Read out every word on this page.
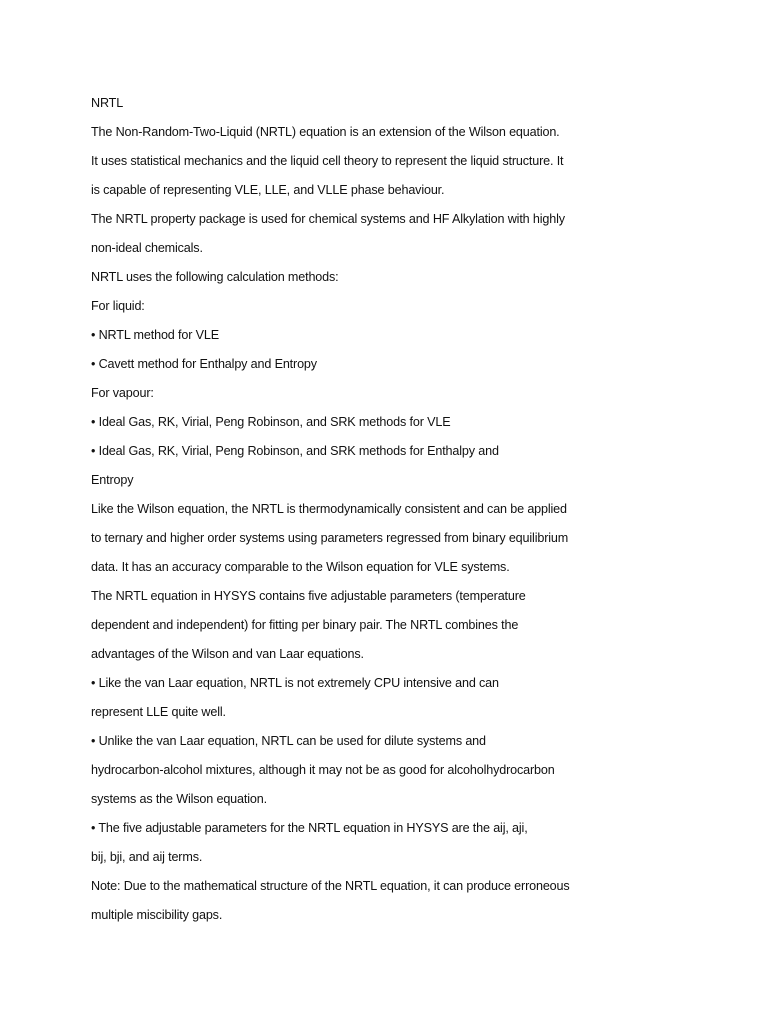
NRTL
The Non-Random-Two-Liquid (NRTL) equation is an extension of the Wilson equation.
It uses statistical mechanics and the liquid cell theory to represent the liquid structure. It
is capable of representing VLE, LLE, and VLLE phase behaviour.
The NRTL property package is used for chemical systems and HF Alkylation with highly
non-ideal chemicals.
NRTL uses the following calculation methods:
For liquid:
• NRTL method for VLE
• Cavett method for Enthalpy and Entropy
For vapour:
• Ideal Gas, RK, Virial, Peng Robinson, and SRK methods for VLE
• Ideal Gas, RK, Virial, Peng Robinson, and SRK methods for Enthalpy and
Entropy
Like the Wilson equation, the NRTL is thermodynamically consistent and can be applied
to ternary and higher order systems using parameters regressed from binary equilibrium
data. It has an accuracy comparable to the Wilson equation for VLE systems.
The NRTL equation in HYSYS contains five adjustable parameters (temperature
dependent and independent) for fitting per binary pair. The NRTL combines the
advantages of the Wilson and van Laar equations.
• Like the van Laar equation, NRTL is not extremely CPU intensive and can
represent LLE quite well.
• Unlike the van Laar equation, NRTL can be used for dilute systems and
hydrocarbon-alcohol mixtures, although it may not be as good for alcoholhydrocarbon
systems as the Wilson equation.
• The five adjustable parameters for the NRTL equation in HYSYS are the aij, aji,
bij, bji, and aij terms.
Note: Due to the mathematical structure of the NRTL equation, it can produce erroneous
multiple miscibility gaps.
